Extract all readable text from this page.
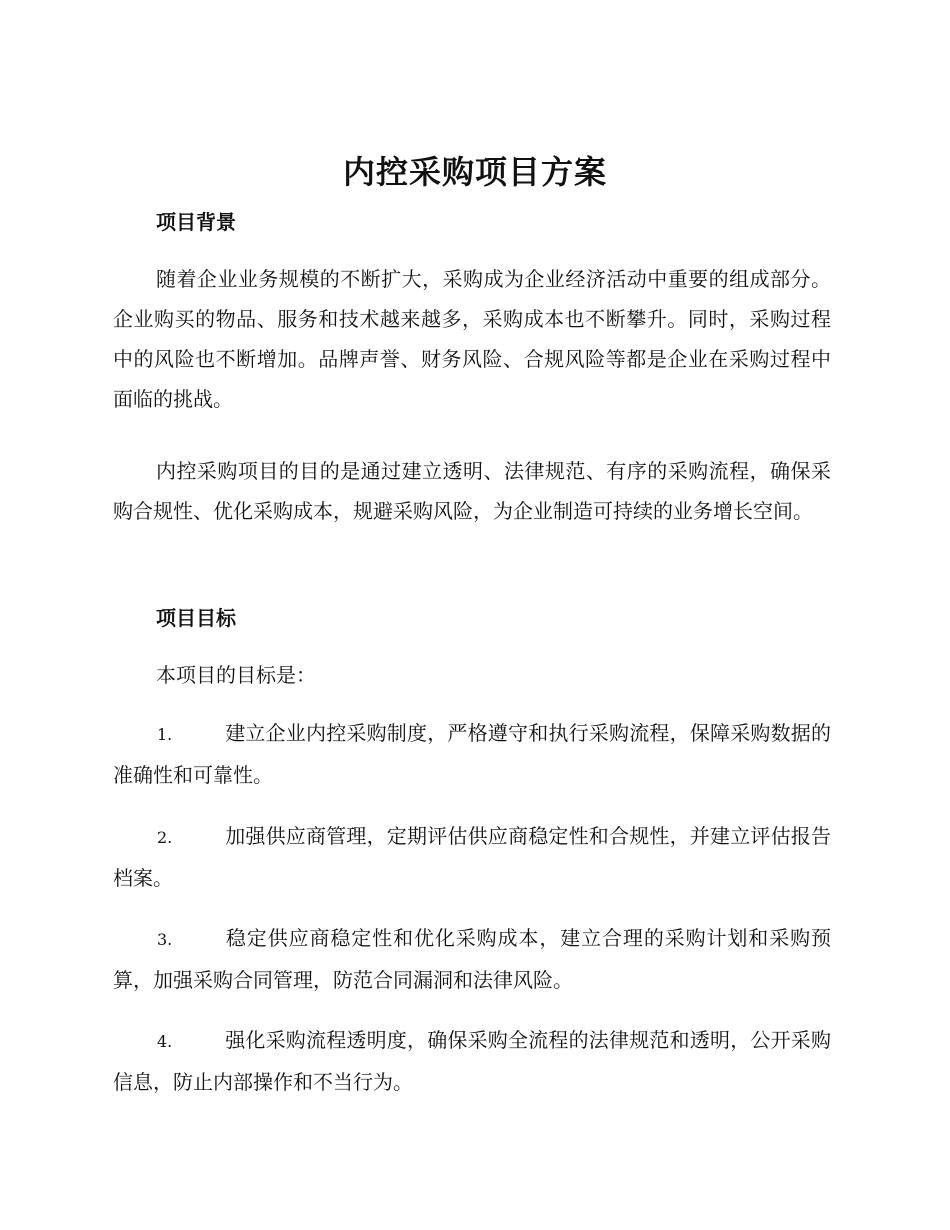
内控采购项目方案
项目背景

随着企业业务规模的不断扩大，采购成为企业经济活动中重要的组成部分。企业购买的物品、服务和技术越来越多，采购成本也不断攀升。同时，采购过程中的风险也不断增加。品牌声誉、财务风险、合规风险等都是企业在采购过程中面临的挑战。

内控采购项目的目的是通过建立透明、法律规范、有序的采购流程，确保采购合规性、优化采购成本，规避采购风险，为企业制造可持续的业务增长空间。

项目目标

本项目的目标是：

1.	建立企业内控采购制度，严格遵守和执行采购流程，保障采购数据的准确性和可靠性。

2.	加强供应商管理，定期评估供应商稳定性和合规性，并建立评估报告档案。

3.	稳定供应商稳定性和优化采购成本，建立合理的采购计划和采购预算，加强采购合同管理，防范合同漏洞和法律风险。

4.	强化采购流程透明度，确保采购全流程的法律规范和透明，公开采购信息，防止内部操作和不当行为。
